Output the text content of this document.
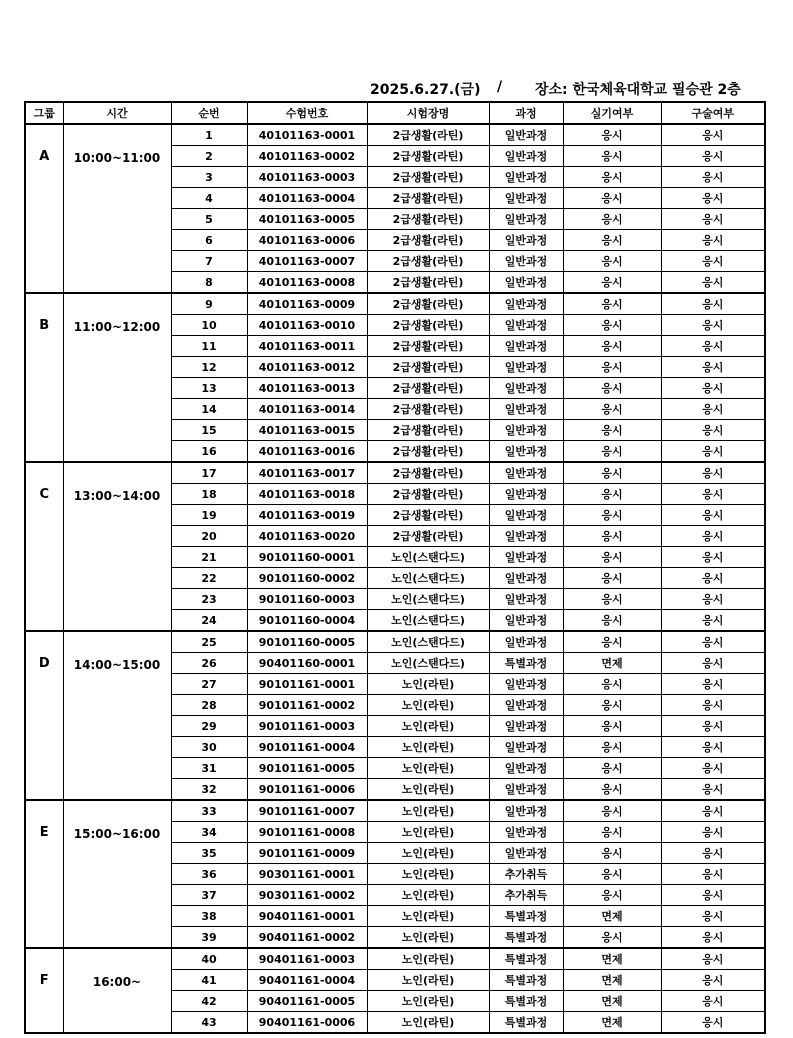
2025.6.27.(금) / 장소: 한국체육대학교 필승관 2층
그룹	시간	순번	수험번호	시험장명	과정	실기여부	구술여부
A	10:00~11:00	1	40101163-0001	2급생활(라틴)	일반과정	응시	응시
		2	40101163-0002	2급생활(라틴)	일반과정	응시	응시
		3	40101163-0003	2급생활(라틴)	일반과정	응시	응시
		4	40101163-0004	2급생활(라틴)	일반과정	응시	응시
		5	40101163-0005	2급생활(라틴)	일반과정	응시	응시
		6	40101163-0006	2급생활(라틴)	일반과정	응시	응시
		7	40101163-0007	2급생활(라틴)	일반과정	응시	응시
		8	40101163-0008	2급생활(라틴)	일반과정	응시	응시
B	11:00~12:00	9	40101163-0009	2급생활(라틴)	일반과정	응시	응시
		10	40101163-0010	2급생활(라틴)	일반과정	응시	응시
		11	40101163-0011	2급생활(라틴)	일반과정	응시	응시
		12	40101163-0012	2급생활(라틴)	일반과정	응시	응시
		13	40101163-0013	2급생활(라틴)	일반과정	응시	응시
		14	40101163-0014	2급생활(라틴)	일반과정	응시	응시
		15	40101163-0015	2급생활(라틴)	일반과정	응시	응시
		16	40101163-0016	2급생활(라틴)	일반과정	응시	응시
C	13:00~14:00	17	40101163-0017	2급생활(라틴)	일반과정	응시	응시
		18	40101163-0018	2급생활(라틴)	일반과정	응시	응시
		19	40101163-0019	2급생활(라틴)	일반과정	응시	응시
		20	40101163-0020	2급생활(라틴)	일반과정	응시	응시
		21	90101160-0001	노인(스탠다드)	일반과정	응시	응시
		22	90101160-0002	노인(스탠다드)	일반과정	응시	응시
		23	90101160-0003	노인(스탠다드)	일반과정	응시	응시
		24	90101160-0004	노인(스탠다드)	일반과정	응시	응시
D	14:00~15:00	25	90101160-0005	노인(스탠다드)	일반과정	응시	응시
		26	90401160-0001	노인(스탠다드)	특별과정	면제	응시
		27	90101161-0001	노인(라틴)	일반과정	응시	응시
		28	90101161-0002	노인(라틴)	일반과정	응시	응시
		29	90101161-0003	노인(라틴)	일반과정	응시	응시
		30	90101161-0004	노인(라틴)	일반과정	응시	응시
		31	90101161-0005	노인(라틴)	일반과정	응시	응시
		32	90101161-0006	노인(라틴)	일반과정	응시	응시
E	15:00~16:00	33	90101161-0007	노인(라틴)	일반과정	응시	응시
		34	90101161-0008	노인(라틴)	일반과정	응시	응시
		35	90101161-0009	노인(라틴)	일반과정	응시	응시
		36	90301161-0001	노인(라틴)	추가취득	응시	응시
		37	90301161-0002	노인(라틴)	추가취득	응시	응시
		38	90401161-0001	노인(라틴)	특별과정	면제	응시
		39	90401161-0002	노인(라틴)	특별과정	응시	응시
F	16:00~	40	90401161-0003	노인(라틴)	특별과정	면제	응시
		41	90401161-0004	노인(라틴)	특별과정	면제	응시
		42	90401161-0005	노인(라틴)	특별과정	면제	응시
		43	90401161-0006	노인(라틴)	특별과정	면제	응시
